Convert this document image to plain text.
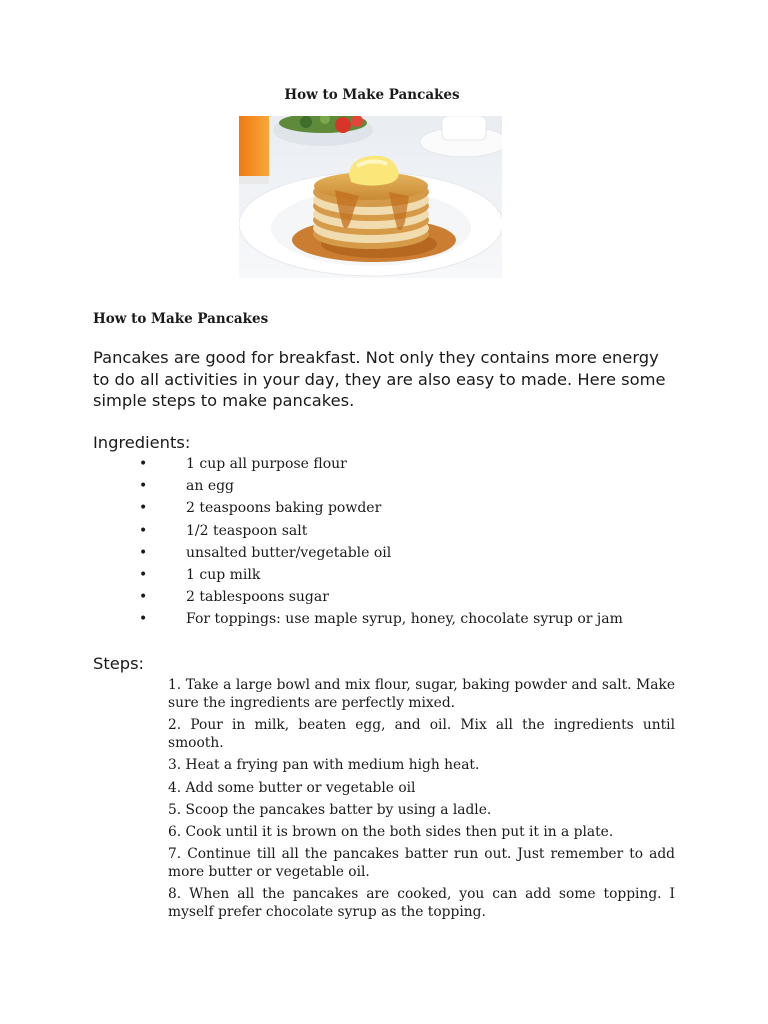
How to Make Pancakes
How to Make Pancakes

Pancakes are good for breakfast. Not only they contains more energy to do all activities in your day, they are also easy to made. Here some simple steps to make pancakes.

Ingredients:
•	1 cup all purpose flour
•	an egg
•	2 teaspoons baking powder
•	1/2 teaspoon salt
•	unsalted butter/vegetable oil
•	1 cup milk
•	2 tablespoons sugar
•	For toppings: use maple syrup, honey, chocolate syrup or jam
Steps:
1. Take a large bowl and mix flour, sugar, baking powder and salt. Make sure the ingredients are perfectly mixed.
2. Pour in milk, beaten egg, and oil. Mix all the ingredients until smooth.
3. Heat a frying pan with medium high heat.
4. Add some butter or vegetable oil
5. Scoop the pancakes batter by using a ladle.
6. Cook until it is brown on the both sides then put it in a plate.
7. Continue till all the pancakes batter run out. Just remember to add more butter or vegetable oil.
8. When all the pancakes are cooked, you can add some topping. I myself prefer chocolate syrup as the topping.
